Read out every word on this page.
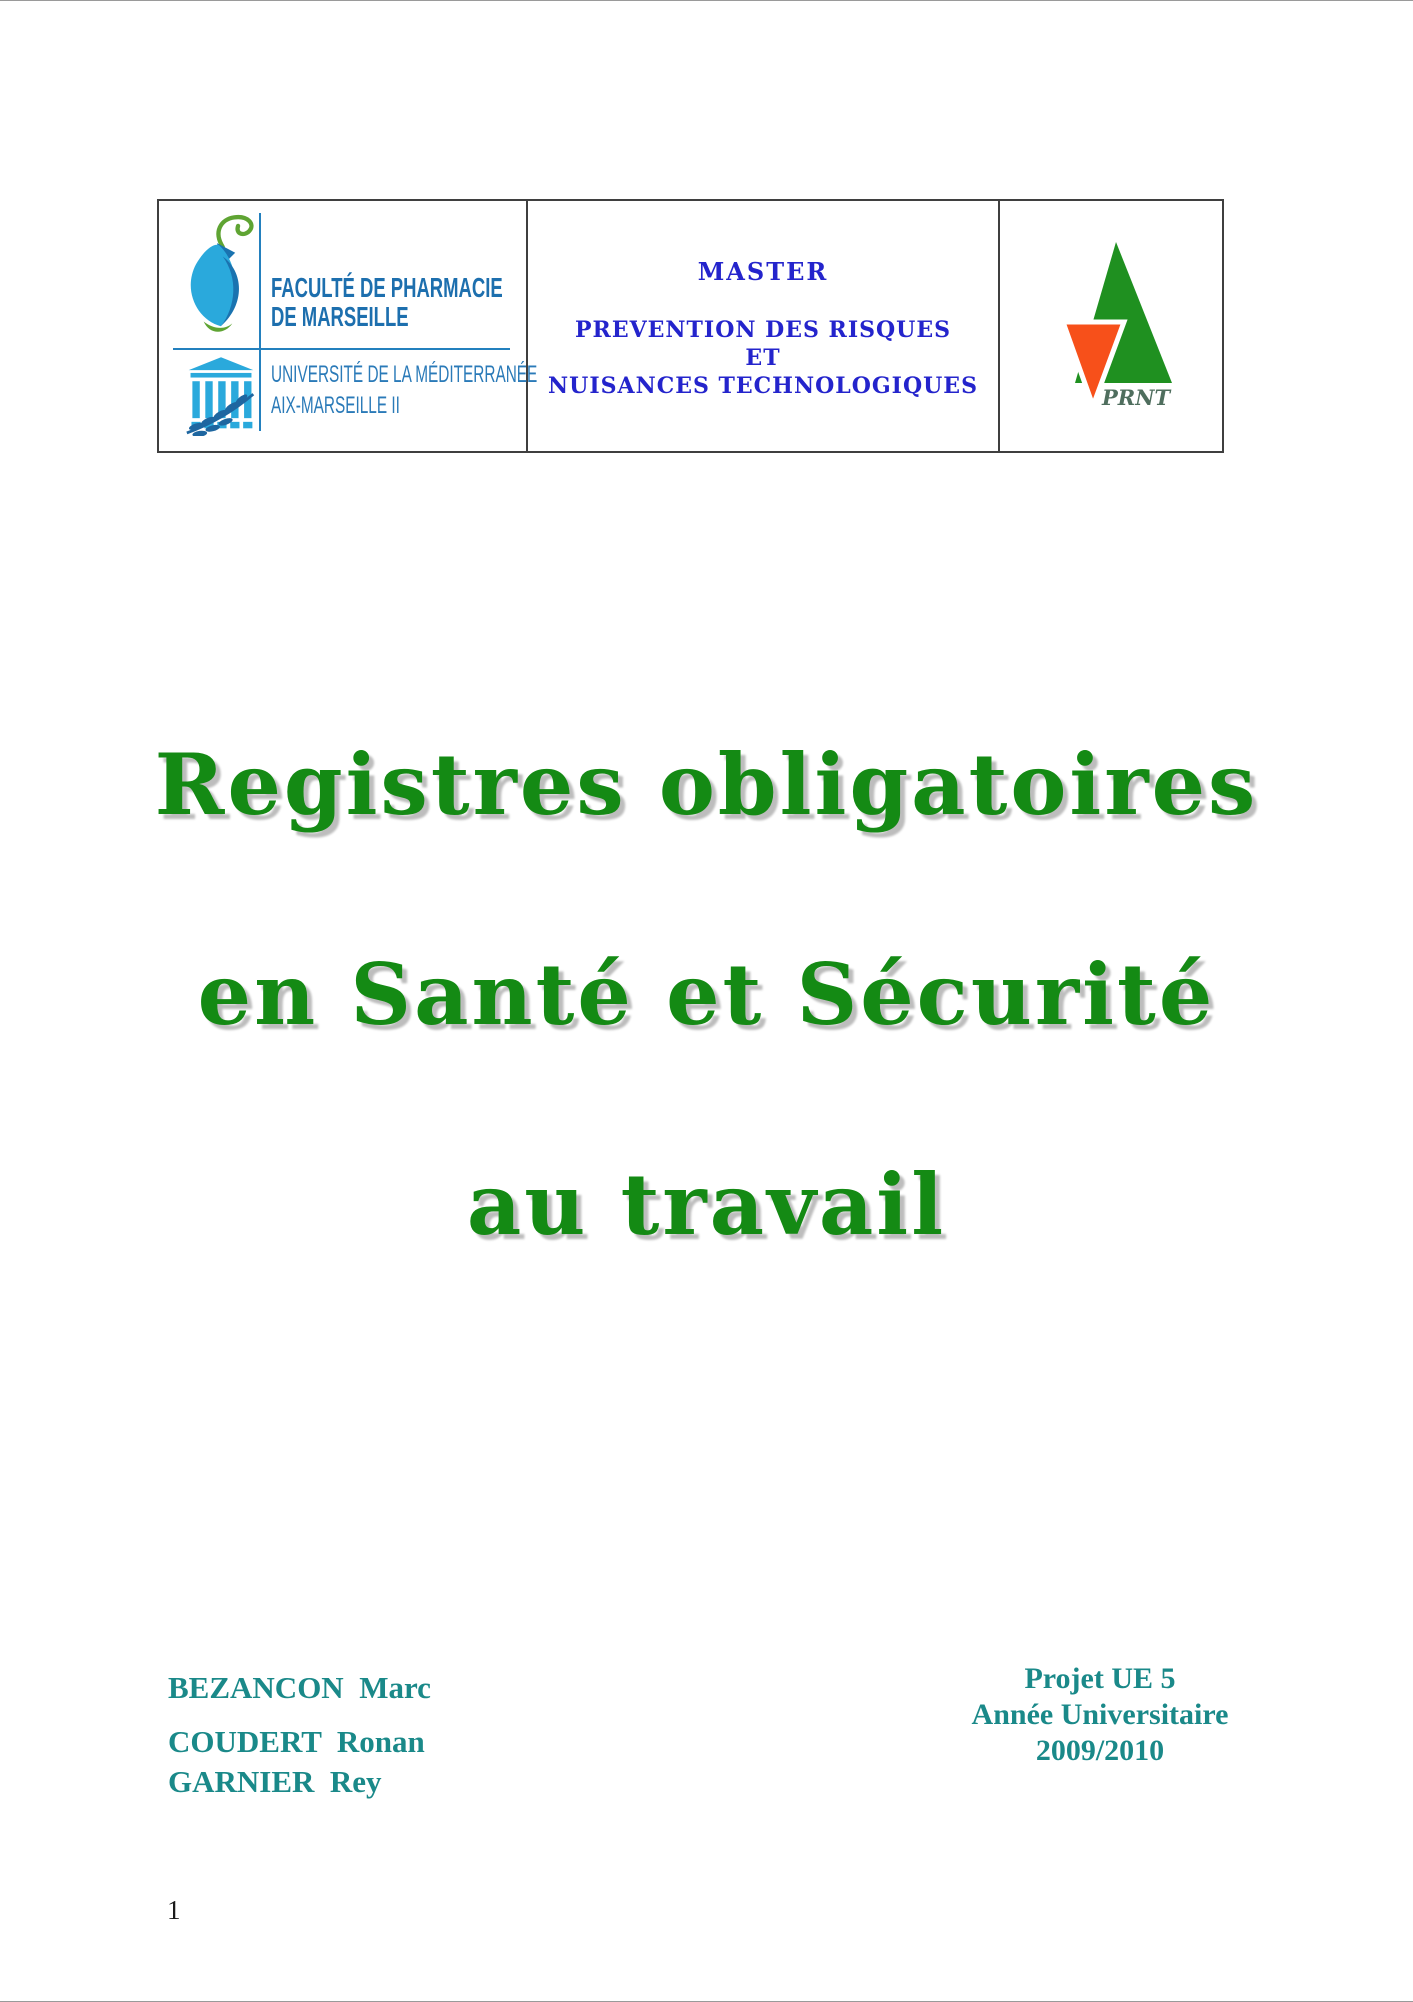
FACULTÉ DE PHARMACIE
DE MARSEILLE
UNIVERSITÉ DE LA MÉDITERRANÉE
AIX-MARSEILLE II
MASTER
PREVENTION DES RISQUES
ET
NUISANCES TECHNOLOGIQUES	PRNT
Registres obligatoires
en Santé et Sécurité
au travail
BEZANCON  Marc
COUDERT  Ronan
GARNIER  Rey
Projet UE 5
Année Universitaire
2009/2010
1
